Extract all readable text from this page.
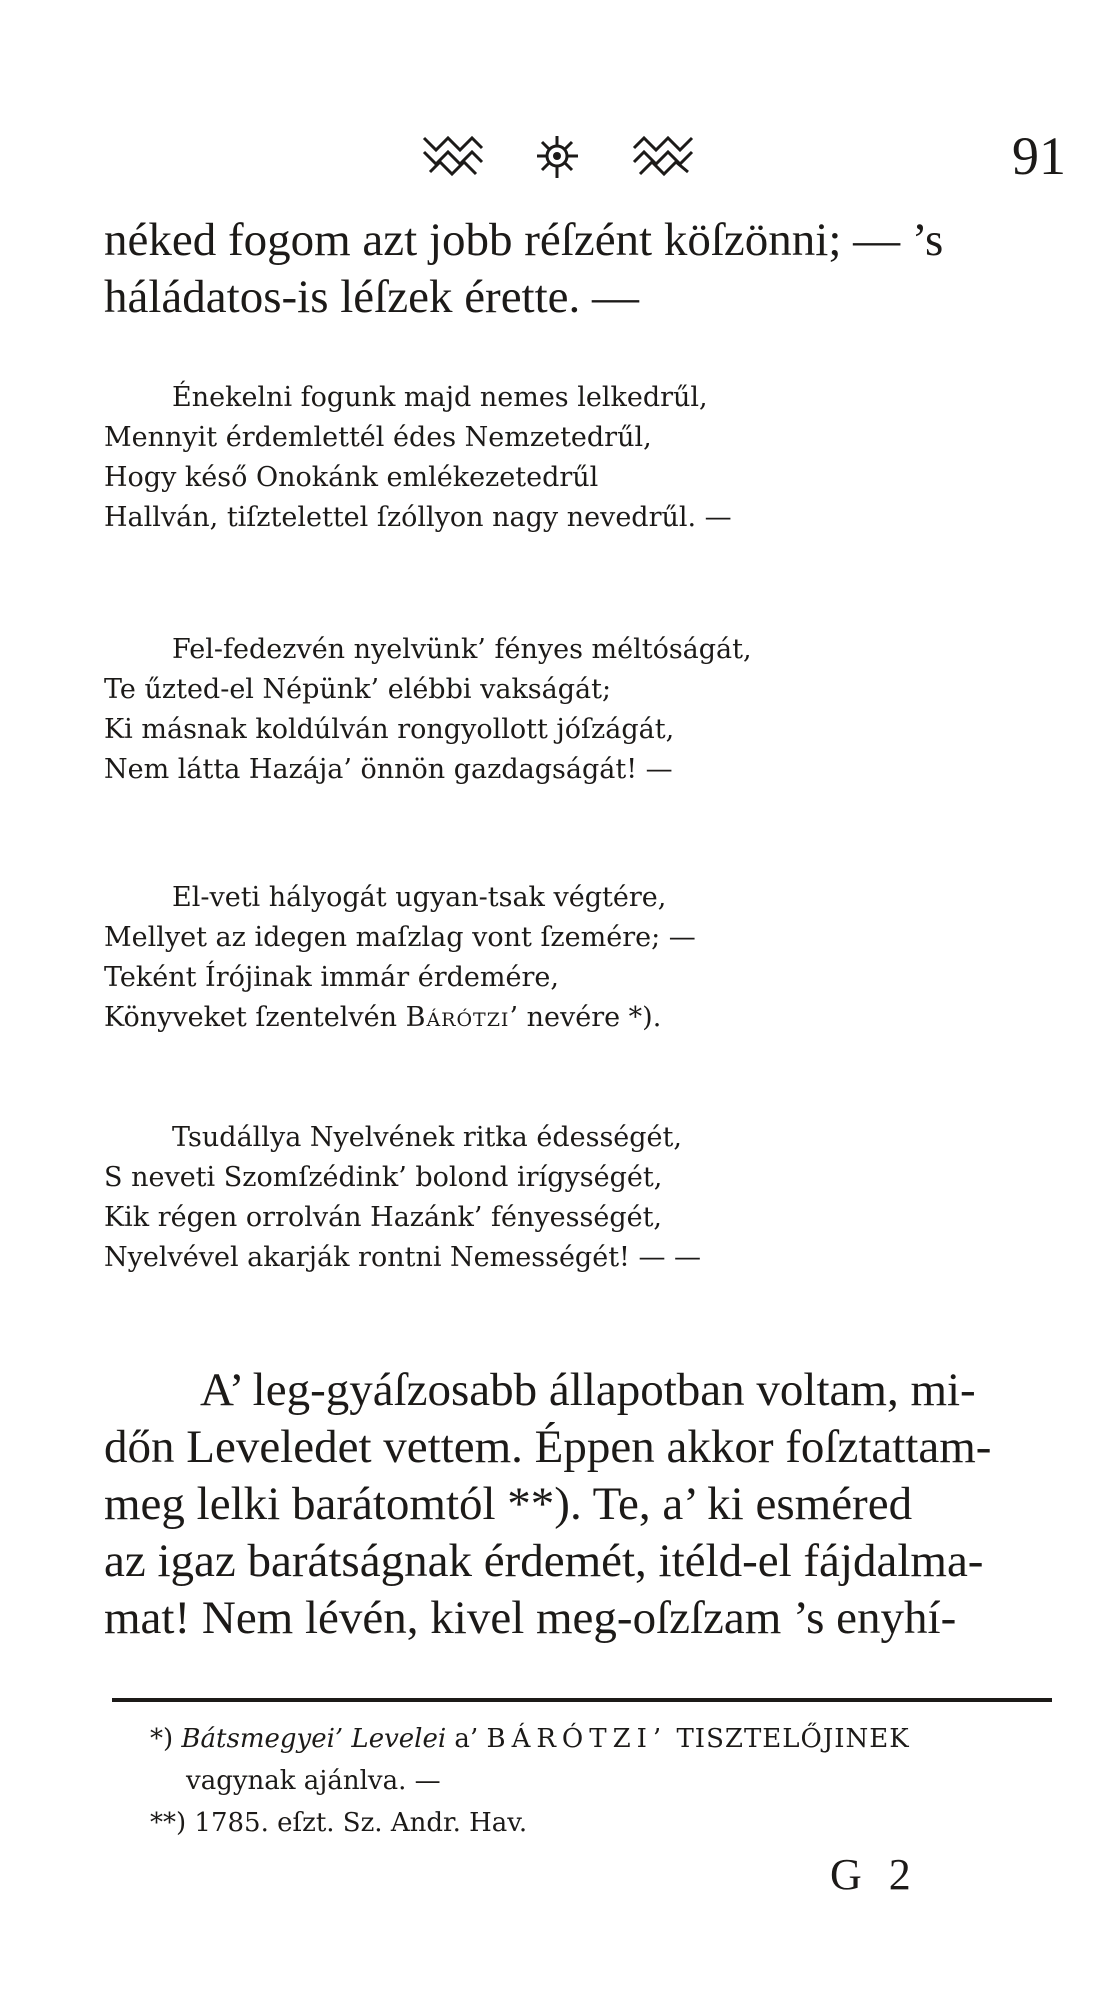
91
néked fogom azt jobb réſzént köſzönni; — ’s
háládatos-is léſzek érette. —
Énekelni fogunk majd nemes lelkedrűl,
Mennyit érdemlettél édes Nemzetedrűl,
Hogy késő Onokánk emlékezetedrűl
Hallván, tiſztelettel ſzóllyon nagy nevedrűl. —
Fel-fedezvén nyelvünk’ fényes méltóságát,
Te űzted-el Népünk’ elébbi vakságát;
Ki másnak koldúlván rongyollott jóſzágát,
Nem látta Hazája’ önnön gazdagságát! —
El-veti hályogát ugyan-tsak végtére,
Mellyet az idegen maſzlag vont ſzemére; —
Teként Írójinak immár érdemére,
Könyveket ſzentelvén Bárótzi’ nevére *).
Tsudállya Nyelvének ritka édességét,
S neveti Szomſzédink’ bolond irígységét,
Kik régen orrolván Hazánk’ fényességét,
Nyelvével akarják rontni Nemességét! — —
A’ leg-gyáſzosabb állapotban voltam, mi-
dőn Leveledet vettem. Éppen akkor foſztattam-
meg lelki barátomtól **). Te, a’ ki esméred
az igaz barátságnak érdemét, itéld-el fájdalma-
mat! Nem lévén, kivel meg-oſzſzam ’s enyhí-
*) Bátsmegyei’ Levelei a’ BÁRÓTZI’ TISZTELŐJINEK
vagynak ajánlva. —
**) 1785. eſzt. Sz. Andr. Hav.
G 2
